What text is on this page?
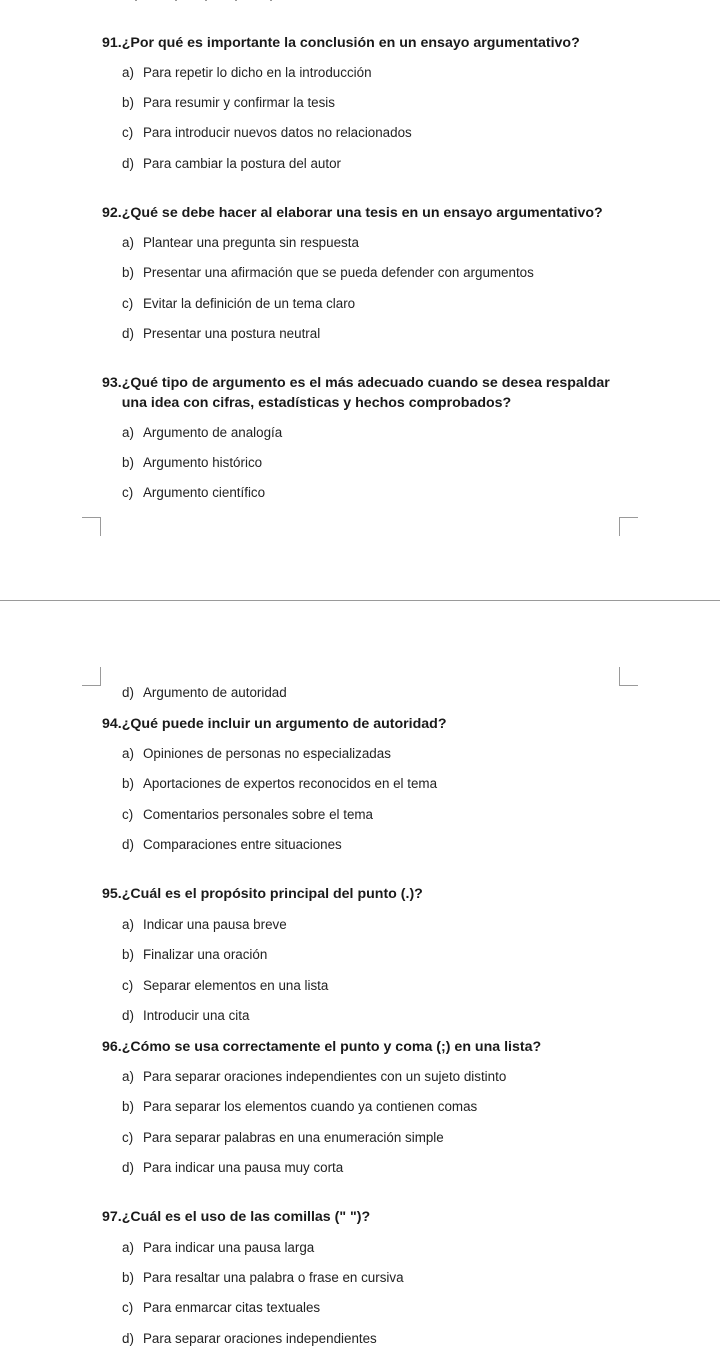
91. ¿Por qué es importante la conclusión en un ensayo argumentativo?
a) Para repetir lo dicho en la introducción
b) Para resumir y confirmar la tesis
c) Para introducir nuevos datos no relacionados
d) Para cambiar la postura del autor
92. ¿Qué se debe hacer al elaborar una tesis en un ensayo argumentativo?
a) Plantear una pregunta sin respuesta
b) Presentar una afirmación que se pueda defender con argumentos
c) Evitar la definición de un tema claro
d) Presentar una postura neutral
93. ¿Qué tipo de argumento es el más adecuado cuando se desea respaldar una idea con cifras, estadísticas y hechos comprobados?
a) Argumento de analogía
b) Argumento histórico
c) Argumento científico
d) Argumento de autoridad
94. ¿Qué puede incluir un argumento de autoridad?
a) Opiniones de personas no especializadas
b) Aportaciones de expertos reconocidos en el tema
c) Comentarios personales sobre el tema
d) Comparaciones entre situaciones
95. ¿Cuál es el propósito principal del punto (.)?
a) Indicar una pausa breve
b) Finalizar una oración
c) Separar elementos en una lista
d) Introducir una cita
96. ¿Cómo se usa correctamente el punto y coma (;) en una lista?
a) Para separar oraciones independientes con un sujeto distinto
b) Para separar los elementos cuando ya contienen comas
c) Para separar palabras en una enumeración simple
d) Para indicar una pausa muy corta
97. ¿Cuál es el uso de las comillas (" ")?
a) Para indicar una pausa larga
b) Para resaltar una palabra o frase en cursiva
c) Para enmarcar citas textuales
d) Para separar oraciones independientes
